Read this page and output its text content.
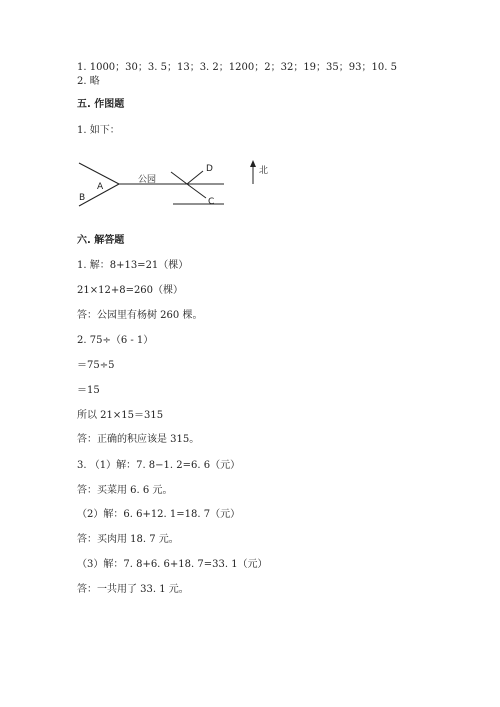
1. 1000；30；3. 5；13；3. 2；1200；2；32；19；35；93；10. 5
2. 略
五. 作图题
1. 如下：
A
B
公园
D
C
北
六. 解答题
1. 解：8+13=21（棵）
21×12+8=260（棵）
答：公园里有杨树 260 棵。
2. 75÷（6 - 1）
＝75÷5
＝15
所以 21×15＝315
答：正确的积应该是 315。
3. （1）解：7. 8−1. 2=6. 6（元）
答：买菜用 6. 6 元。
（2）解：6. 6+12. 1=18. 7（元）
答：买肉用 18. 7 元。
（3）解：7. 8+6. 6+18. 7=33. 1（元）
答：一共用了 33. 1 元。
